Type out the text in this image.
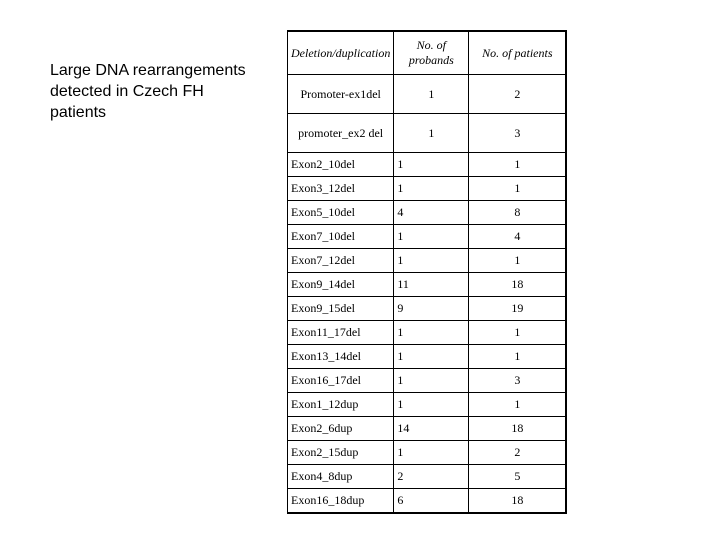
Large DNA rearrangements detected in Czech FH patients
Deletion/duplication	No. of probands	No. of patients
Promoter-ex1del	1	2
promoter_ex2 del	1	3
Exon2_10del	1	1
Exon3_12del	1	1
Exon5_10del	4	8
Exon7_10del	1	4
Exon7_12del	1	1
Exon9_14del	11	18
Exon9_15del	9	19
Exon11_17del	1	1
Exon13_14del	1	1
Exon16_17del	1	3
Exon1_12dup	1	1
Exon2_6dup	14	18
Exon2_15dup	1	2
Exon4_8dup	2	5
Exon16_18dup	6	18
